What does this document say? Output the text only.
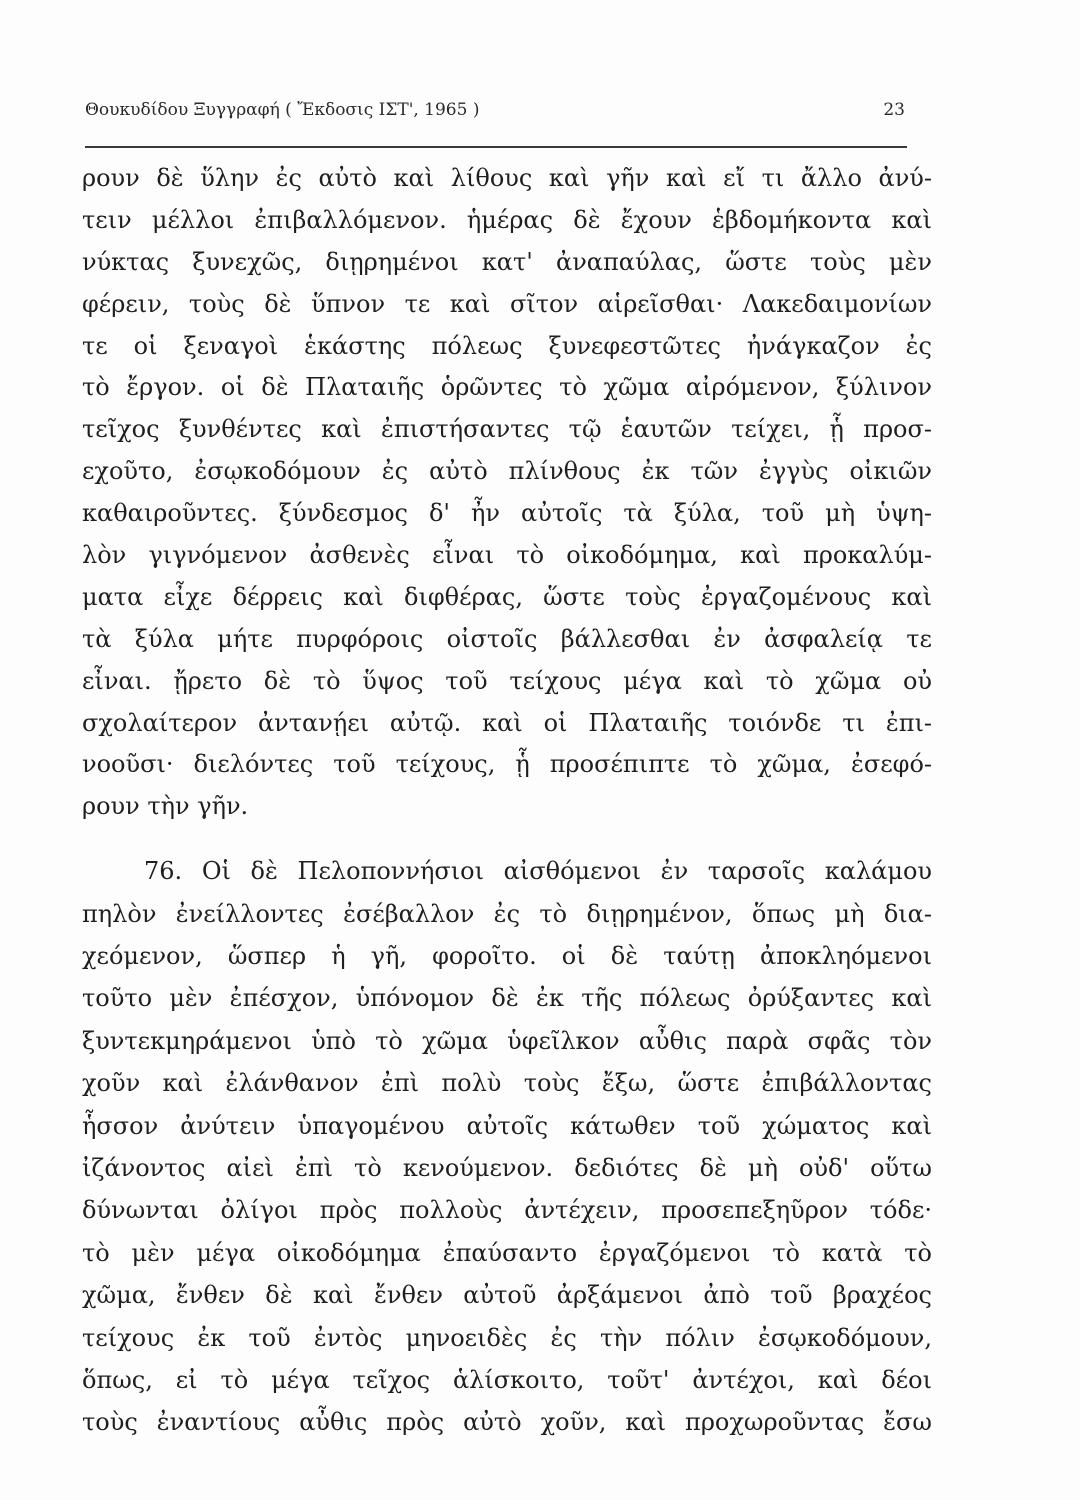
Θουκυδίδου Ξυγγραφή ( Ἔκδοσις ΙΣΤ', 1965 )	23
ρουν δὲ ὕλην ἐς αὐτὸ καὶ λίθους καὶ γῆν καὶ εἴ τι ἄλλο ἀνύ-
τειν μέλλοι ἐπιβαλλόμενον. ἡμέρας δὲ ἔχουν ἑβδομήκοντα καὶ
νύκτας ξυνεχῶς, διῃρημένοι κατ' ἀναπαύλας, ὥστε τοὺς μὲν
φέρειν, τοὺς δὲ ὕπνον τε καὶ σῖτον αἱρεῖσθαι· Λακεδαιμονίων
τε οἱ ξεναγοὶ ἑκάστης πόλεως ξυνεφεστῶτες ἠνάγκαζον ἐς
τὸ ἔργον. οἱ δὲ Πλαταιῆς ὁρῶντες τὸ χῶμα αἰρόμενον, ξύλινον
τεῖχος ξυνθέντες καὶ ἐπιστήσαντες τῷ ἑαυτῶν τείχει, ᾗ προσ-
εχοῦτο, ἐσῳκοδόμουν ἐς αὐτὸ πλίνθους ἐκ τῶν ἐγγὺς οἰκιῶν
καθαιροῦντες. ξύνδεσμος δ' ἦν αὐτοῖς τὰ ξύλα, τοῦ μὴ ὑψη-
λὸν γιγνόμενον ἀσθενὲς εἶναι τὸ οἰκοδόμημα, καὶ προκαλύμ-
ματα εἶχε δέρρεις καὶ διφθέρας, ὥστε τοὺς ἐργαζομένους καὶ
τὰ ξύλα μήτε πυρφόροις οἰστοῖς βάλλεσθαι ἐν ἀσφαλείᾳ τε
εἶναι. ᾔρετο δὲ τὸ ὕψος τοῦ τείχους μέγα καὶ τὸ χῶμα οὐ
σχολαίτερον ἀντανῄει αὐτῷ. καὶ οἱ Πλαταιῆς τοιόνδε τι ἐπι-
νοοῦσι· διελόντες τοῦ τείχους, ᾗ προσέπιπτε τὸ χῶμα, ἐσεφό-
ρουν τὴν γῆν.
76. Οἱ δὲ Πελοποννήσιοι αἰσθόμενοι ἐν ταρσοῖς καλάμου
πηλὸν ἐνείλλοντες ἐσέβαλλον ἐς τὸ διῃρημένον, ὅπως μὴ δια-
χεόμενον, ὥσπερ ἡ γῆ, φοροῖτο. οἱ δὲ ταύτῃ ἀποκληόμενοι
τοῦτο μὲν ἐπέσχον, ὑπόνομον δὲ ἐκ τῆς πόλεως ὀρύξαντες καὶ
ξυντεκμηράμενοι ὑπὸ τὸ χῶμα ὑφεῖλκον αὖθις παρὰ σφᾶς τὸν
χοῦν καὶ ἐλάνθανον ἐπὶ πολὺ τοὺς ἔξω, ὥστε ἐπιβάλλοντας
ἧσσον ἀνύτειν ὑπαγομένου αὐτοῖς κάτωθεν τοῦ χώματος καὶ
ἰζάνοντος αἰεὶ ἐπὶ τὸ κενούμενον. δεδιότες δὲ μὴ οὐδ' οὕτω
δύνωνται ὀλίγοι πρὸς πολλοὺς ἀντέχειν, προσεπεξηῦρον τόδε·
τὸ μὲν μέγα οἰκοδόμημα ἐπαύσαντο ἐργαζόμενοι τὸ κατὰ τὸ
χῶμα, ἔνθεν δὲ καὶ ἔνθεν αὐτοῦ ἀρξάμενοι ἀπὸ τοῦ βραχέος
τείχους ἐκ τοῦ ἐντὸς μηνοειδὲς ἐς τὴν πόλιν ἐσῳκοδόμουν,
ὅπως, εἰ τὸ μέγα τεῖχος ἁλίσκοιτο, τοῦτ' ἀντέχοι, καὶ δέοι
τοὺς ἐναντίους αὖθις πρὸς αὐτὸ χοῦν, καὶ προχωροῦντας ἔσω
